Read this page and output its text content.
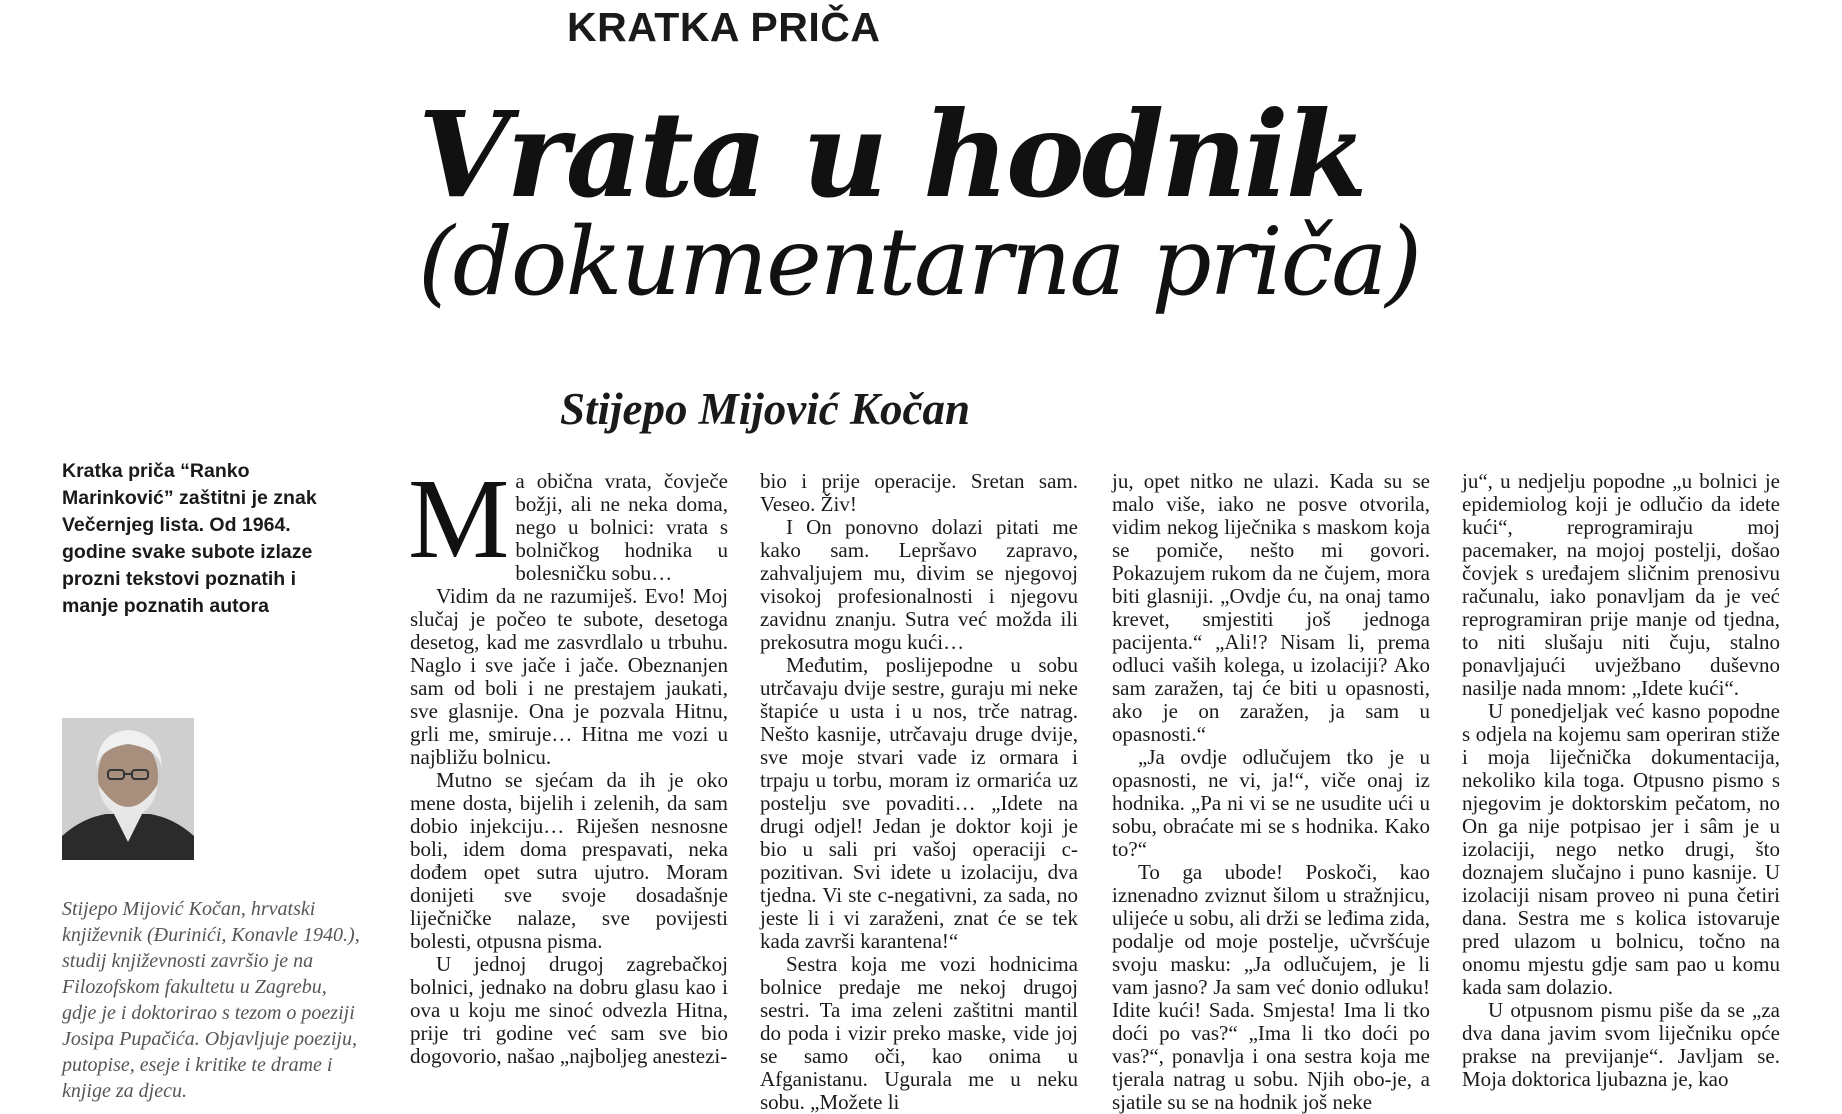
KRATKA PRIČA
Vrata u hodnik
(dokumentarna priča)
Stijepo Mijović Kočan
Kratka priča “Ranko Marinković” zaštitni je znak Večernjeg lista. Od 1964. godine svake subote izlaze prozni tekstovi poznatih i manje poznatih autora
Stijepo Mijović Kočan, hrvatski književnik (Đurinići, Konavle 1940.), studij književnosti završio je na Filozofskom fakultetu u Zagrebu, gdje je i doktorirao s tezom o poeziji Josipa Pupačića. Objavljuje poeziju, putopise, eseje i kritike te drame i knjige za djecu.

Ma obična vrata, čovječe božji, ali ne neka doma, nego u bolnici: vrata s bolničkog hodnika u bolesničku sobu…

Vidim da ne razumiješ. Evo! Moj slučaj je počeo te subote, desetoga desetog, kad me zasvrdlalo u trbuhu. Naglo i sve jače i jače. Obeznanjen sam od boli i ne prestajem jaukati, sve glasnije. Ona je pozvala Hitnu, grli me, smiruje… Hitna me vozi u najbližu bolnicu.

Mutno se sjećam da ih je oko mene dosta, bijelih i zelenih, da sam dobio injekciju… Riješen nesnosne boli, idem doma prespavati, neka dođem opet sutra ujutro. Moram donijeti sve svoje dosadašnje liječničke nalaze, sve povijesti bolesti, otpusna pisma.

U jednoj drugoj zagrebačkoj bolnici, jednako na dobru glasu kao i ova u koju me sinoć odvezla Hitna, prije tri godine već sam sve bio dogovorio, našao „najboljeg anestezi-

bio i prije operacije. Sretan sam. Veseo. Živ!

I On ponovno dolazi pitati me kako sam. Lepršavo zapravo, zahvaljujem mu, divim se njegovoj visokoj profesionalnosti i njegovu zavidnu znanju. Sutra već možda ili prekosutra mogu kući…

Međutim, poslijepodne u sobu utrčavaju dvije sestre, guraju mi neke štapiće u usta i u nos, trče natrag. Nešto kasnije, utrčavaju druge dvije, sve moje stvari vade iz ormara i trpaju u torbu, moram iz ormarića uz postelju sve povaditi… „Idete na drugi odjel! Jedan je doktor koji je bio u sali pri vašoj operaciji c-pozitivan. Svi idete u izolaciju, dva tjedna. Vi ste c-negativni, za sada, no jeste li i vi zaraženi, znat će se tek kada završi karantena!“

Sestra koja me vozi hodnicima bolnice predaje me nekoj drugoj sestri. Ta ima zeleni zaštitni mantil do poda i vizir preko maske, vide joj se samo oči, kao onima u Afganistanu. Uguralа me u neku sobu. „Možete li

ju, opet nitko ne ulazi. Kada su se malo više, iako ne posve otvorila, vidim nekog liječnika s maskom koja se pomiče, nešto mi govori. Pokazujem rukom da ne čujem, mora biti glasniji. „Ovdje ću, na onaj tamo krevet, smjestiti još jednoga pacijenta.“ „Ali!? Nisam li, prema odluci vaših kolega, u izolaciji? Ako sam zaražen, taj će biti u opasnosti, ako je on zaražen, ja sam u opasnosti.“

„Ja ovdje odlučujem tko je u opasnosti, ne vi, ja!“, viče onaj iz hodnika. „Pa ni vi se ne usudite ući u sobu, obraćate mi se s hodnika. Kako to?“

To ga ubode! Poskoči, kao iznenadno zviznut šilom u stražnjicu, ulijeće u sobu, ali drži se leđima zida, podalje od moje postelje, učvršćuje svoju masku: „Ja odlučujem, je li vam jasno? Ja sam već donio odluku! Idite kući! Sada. Smjesta! Ima li tko doći po vas?“ „Ima li tko doći po vas?“, ponavlja i ona sestra koja me tjerala natrag u sobu. Njih obo-je, a sjatile su se na hodnik još neke

ju“, u nedjelju popodne „u bolnici je epidemiolog koji je odlučio da idete kući“, reprogramiraju moj pacemaker, na mojoj postelji, došao čovjek s uređajem sličnim prenosivu računalu, iako ponavljam da je već reprogramiran prije manje od tjedna, to niti slušaju niti čuju, stalno ponavljajući uvježbano duševno nasilje nada mnom: „Idete kući“.

U ponedjeljak već kasno popodne s odjela na kojemu sam operiran stiže i moja liječnička dokumentacija, nekoliko kila toga. Otpusno pismo s njegovim je doktorskim pečatom, no On ga nije potpisao jer i sâm je u izolaciji, nego netko drugi, što doznajem slučajno i puno kasnije. U izolaciji nisam proveo ni puna četiri dana. Sestra me s kolica istovaruje pred ulazom u bolnicu, točno na onomu mjestu gdje sam pao u komu kada sam dolazio.

U otpusnom pismu piše da se „za dva dana javim svom liječniku opće prakse na previjanje“. Javljam se. Moja doktorica ljubazna je, kao
